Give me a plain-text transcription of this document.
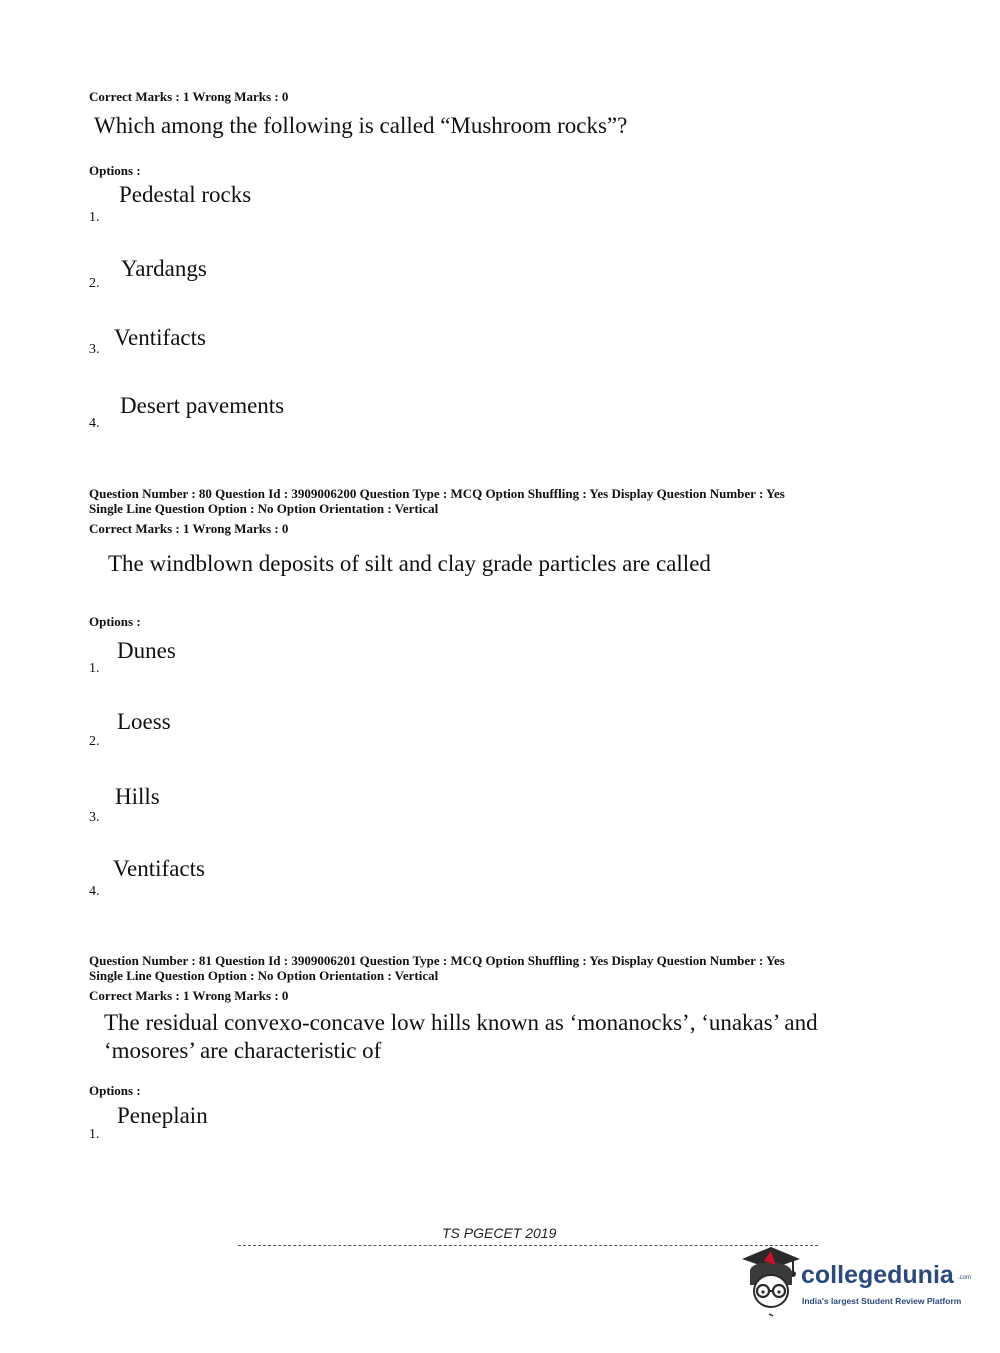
Correct Marks : 1 Wrong Marks : 0
Which among the following is called “Mushroom rocks”?
Options :
Pedestal rocks
1.
Yardangs
2.
Ventifacts
3.
Desert pavements
4.
Question Number : 80 Question Id : 3909006200 Question Type : MCQ Option Shuffling : Yes Display Question Number : Yes
Single Line Question Option : No Option Orientation : Vertical
Correct Marks : 1 Wrong Marks : 0
The windblown deposits of silt and clay grade particles are called
Options :
Dunes
1.
Loess
2.
Hills
3.
Ventifacts
4.
Question Number : 81 Question Id : 3909006201 Question Type : MCQ Option Shuffling : Yes Display Question Number : Yes
Single Line Question Option : No Option Orientation : Vertical
Correct Marks : 1 Wrong Marks : 0
The residual convexo-concave low hills known as ‘monanocks’, ‘unakas’ and
‘mosores’ are characteristic of
Options :
Peneplain
1.
TS PGECET 2019
collegedunia .com
India's largest Student Review Platform
